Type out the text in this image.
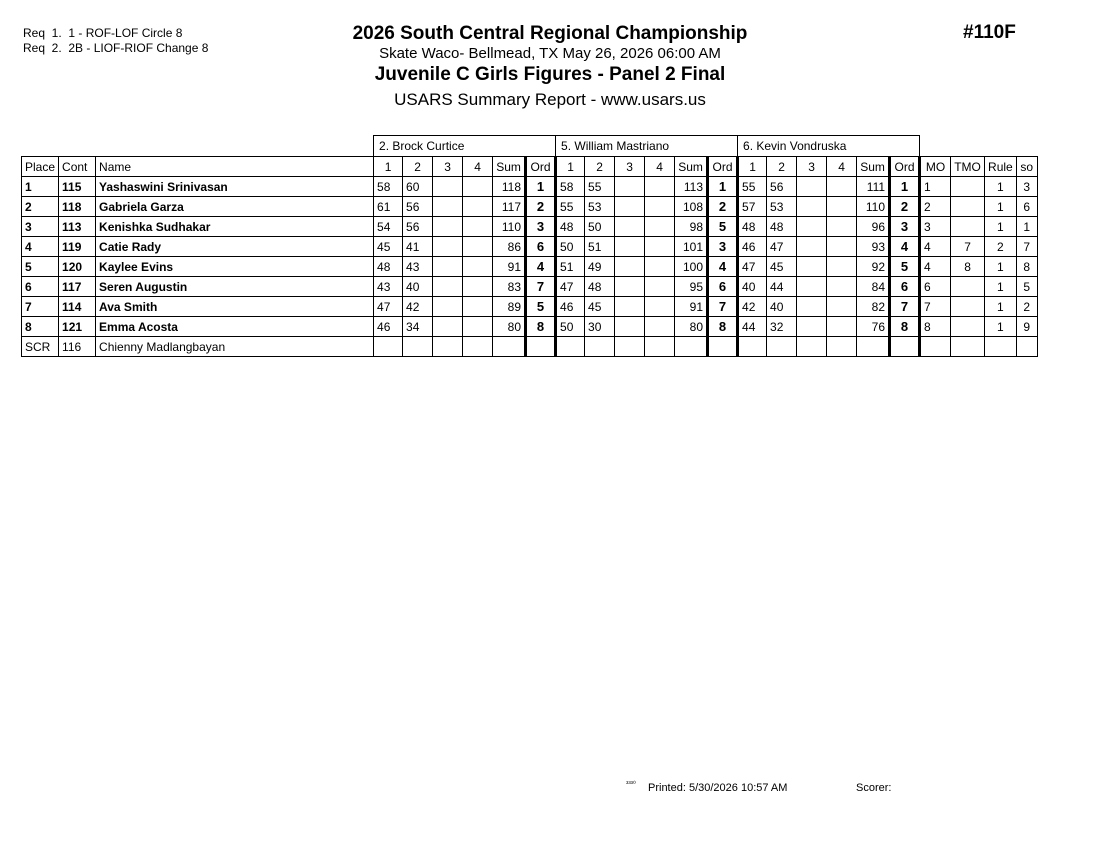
Req  1.  1 - ROF-LOF Circle 8
Req  2.  2B - LIOF-RIOF Change 8
#110F
2026 South Central Regional Championship
Skate Waco- Bellmead, TX May 26, 2026 06:00 AM
Juvenile C Girls Figures - Panel 2 Final
USARS Summary Report - www.usars.us
			2. Brock Curtice						5. William Mastriano						6. Kevin Vondruska									
Place	Cont	Name	1	2	3	4	Sum	Ord	1	2	3	4	Sum	Ord	1	2	3	4	Sum	Ord	MO	TMO	Rule	so
1	115	Yashaswini Srinivasan	58	60			118	1	58	55			113	1	55	56			111	1	1		1	3
2	118	Gabriela Garza	61	56			117	2	55	53			108	2	57	53			110	2	2		1	6
3	113	Kenishka Sudhakar	54	56			110	3	48	50			98	5	48	48			96	3	3		1	1
4	119	Catie Rady	45	41			86	6	50	51			101	3	46	47			93	4	4	7	2	7
5	120	Kaylee Evins	48	43			91	4	51	49			100	4	47	45			92	5	4	8	1	8
6	117	Seren Augustin	43	40			83	7	47	48			95	6	40	44			84	6	6		1	5
7	114	Ava Smith	47	42			89	5	46	45			91	7	42	40			82	7	7		1	2
8	121	Emma Acosta	46	34			80	8	50	30			80	8	44	32			76	8	8		1	9
SCR	116	Chienny Madlangbayan																						
³³³⁰ Printed: 5/30/2026 10:57 AM	Scorer:
